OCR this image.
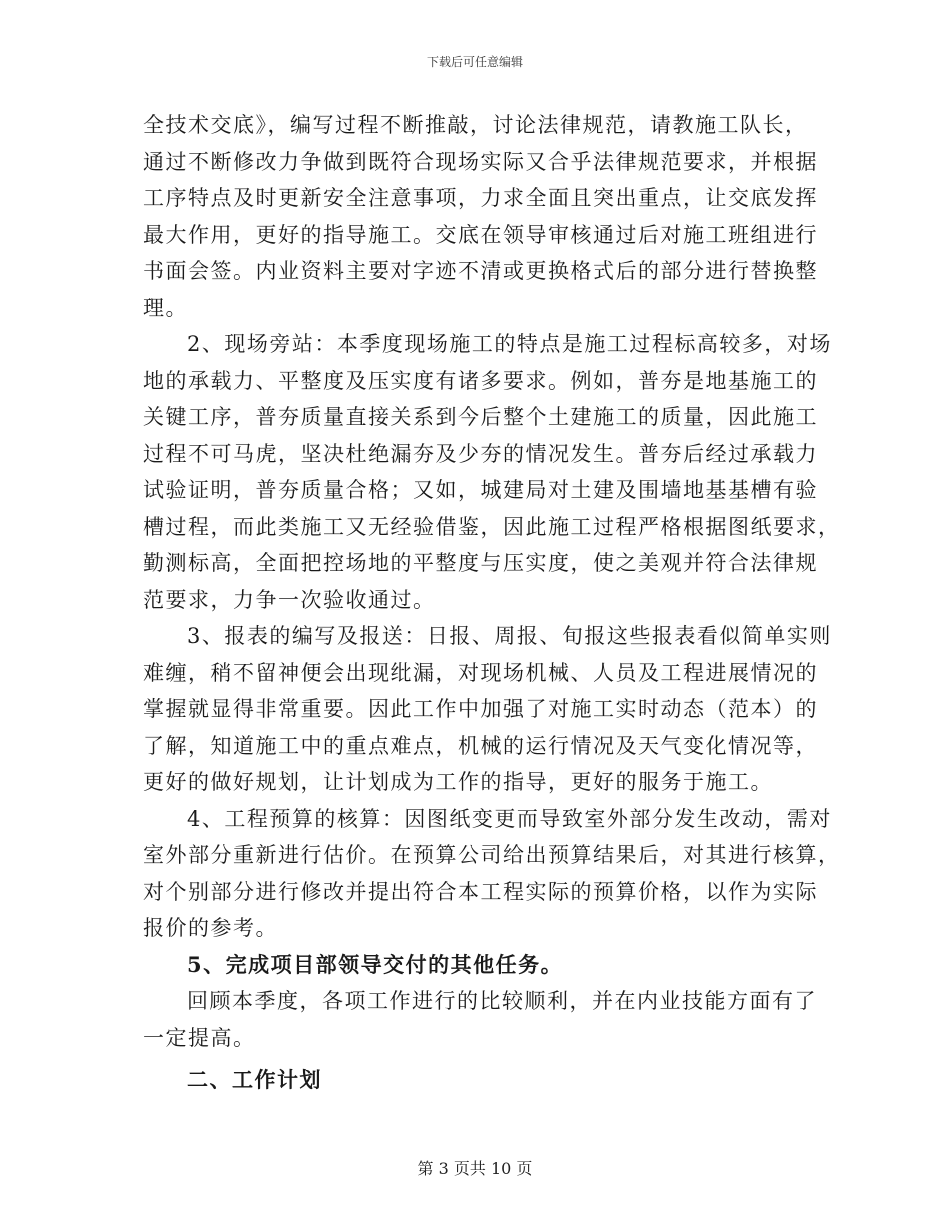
下载后可任意编辑
全技术交底》，编写过程不断推敲，讨论法律规范，请教施工队长，
通过不断修改力争做到既符合现场实际又合乎法律规范要求，并根据
工序特点及时更新安全注意事项，力求全面且突出重点，让交底发挥
最大作用，更好的指导施工。交底在领导审核通过后对施工班组进行
书面会签。内业资料主要对字迹不清或更换格式后的部分进行替换整
理。
2、现场旁站：本季度现场施工的特点是施工过程标高较多，对场
地的承载力、平整度及压实度有诸多要求。例如，普夯是地基施工的
关键工序，普夯质量直接关系到今后整个土建施工的质量，因此施工
过程不可马虎，坚决杜绝漏夯及少夯的情况发生。普夯后经过承载力
试验证明，普夯质量合格；又如，城建局对土建及围墙地基基槽有验
槽过程，而此类施工又无经验借鉴，因此施工过程严格根据图纸要求，
勤测标高，全面把控场地的平整度与压实度，使之美观并符合法律规
范要求，力争一次验收通过。
3、报表的编写及报送：日报、周报、旬报这些报表看似简单实则
难缠，稍不留神便会出现纰漏，对现场机械、人员及工程进展情况的
掌握就显得非常重要。因此工作中加强了对施工实时动态（范本）的
了解，知道施工中的重点难点，机械的运行情况及天气变化情况等，
更好的做好规划，让计划成为工作的指导，更好的服务于施工。
4、工程预算的核算：因图纸变更而导致室外部分发生改动，需对
室外部分重新进行估价。在预算公司给出预算结果后，对其进行核算，
对个别部分进行修改并提出符合本工程实际的预算价格，以作为实际
报价的参考。
5、完成项目部领导交付的其他任务。
回顾本季度，各项工作进行的比较顺利，并在内业技能方面有了
一定提高。
二、工作计划
第 3 页共 10 页
